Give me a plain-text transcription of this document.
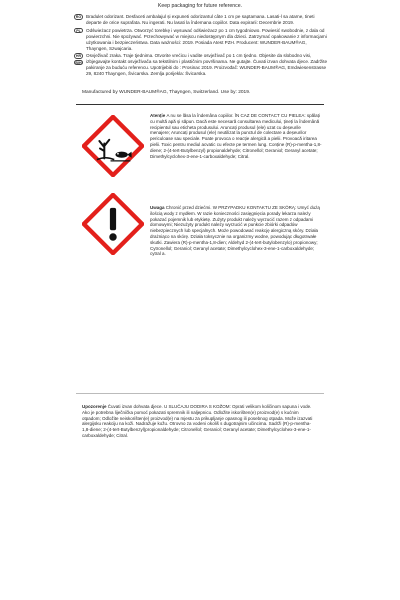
Keep packaging for future reference.
RO	Bradulet odorizant. Desfaceti ambalajul și expuneti odorizantul câte 1 cm pe saptamana. Lasati-l sa atarne, tineti departe de orice suprafata. Nu ingerati. Nu lasati la îndemana copiilor. Data expirarii: Decembrie 2019.
PL	Odświeżacz powietrza. Otworzyć torebkę i wysuwać odświeżacz po 1 cm tygodniowo. Powiesić swobodnie, z dala od powierzchni. Nie spożywać. Przechowywać w miejscu niedostępnym dla dzieci. Zatrzymać opakowanie z informacjami użytkowania i bezpieczeństwa. Data ważności: 2019. Posiada Atest PZH. Producent: WUNDER-BAUM®AG, Thayngen, Szwajcaria.
HR
BIH
Osvježivač zraka. Traje tjednima. Otvorite vrećicu i vadite osvježivač po 1 cm tjedno. Objesite da slobodno visi, izbjegavajte kontakt osvježivača sa tekstilnim i plastičnim površinama. Ne gutajte. Čuvati izvan dohvata djece. Zadržite pakiranje za buduću referencu. Upotrijebiti do : Prosinac 2019. Proizvođač: WUNDER-BAUM®AG, Emdwiesenstrasse 29, 8240 Thayngen, Švicarska. Zemlja porijekla: Švicarska.
Manufactured by WUNDER-BAUM®AG, Thayngen, Switzerland. Use by: 2019.
Atenție A nu se lăsa la îndemâna copiilor. ÎN CAZ DE CONTACT CU PIELEA: spălați cu multă apă și săpun. Dacă este necesară consultarea medicului, țineți la îndemână recipientul sau eticheta produsului. Aruncați produsul (ele) uzat cu deșeurile menajere; Aruncați produsul (ele) neutilizat la punctul de colectare a deșeurilor periculoase sau speciale. Poate provoca o reacție alergică a pielii. Provoacă iritarea pielii. Toxic pentru mediul acvatic cu efecte pe termen lung. Conține (R)-p-mentha-1,8-diene; 2-(4-tert-Butylbenzyl) propionaldehyde; Citronellol; Geraniol; Geranyl acetate; Dimethylcyclohex-3-ene-1-carboxaldehyde; Citral.
Uwaga Chronić przed dziećmi. W PRZYPADKU KONTAKTU ZE SKÓRĄ: Umyć dużą ilością wody z mydłem. W razie konieczności zasięgnięcia porady lekarza należy pokazać pojemnik lub etykietę. Zużyty produkt należy wyrzucić razem z odpadami domowymi; Niezużyty produkt należy wyrzucić w punkcie zbiórki odpadów niebezpiecznych lub specjalnych. Może powodować reakcję alergiczną skóry. Działa drażniąco na skórę. Działa toksycznie na organizmy wodne, powodując długotrwałe skutki. Zawiera (R)-p-mentha-1,8-dien; Aldehyd 2-(4-tert-butylobenzylo) propionowy; Cytronellol; Geraniol; Geranyl acetate; Dimethylcyclohex-3-ene-1-carboxaldehyde; cytral a.
Upozorenje Čuvati izvan dohvata djece. U SLUČAJU DODIRA S KOŽOM: Oprati velikom količinom sapuna i vode. Ako je potrebna liječnička pomoć pokazati spremnik ili naljepnicu. Odložite iskorišten(e) proizvod(e) s kućnim otpadom; Odložite neiskorišten(e) proizvod(e) na mjestu za prikupljanje opasnog ili posebnog otpada. Može izazvati alergijsku reakciju na koži. Nadražuje kožu. Otrovno za vodeni okoliš s dugotrajnim učincima. Sadrži (R)-p-mentha-1,8-diene; 2-(4-tert-Butylbenzyl)propionaldehyde; Citronellol; Geraniol; Geranyl acetate; Dimethylcyclohex-3-ene-1-carboxaldehyde; Citral.
